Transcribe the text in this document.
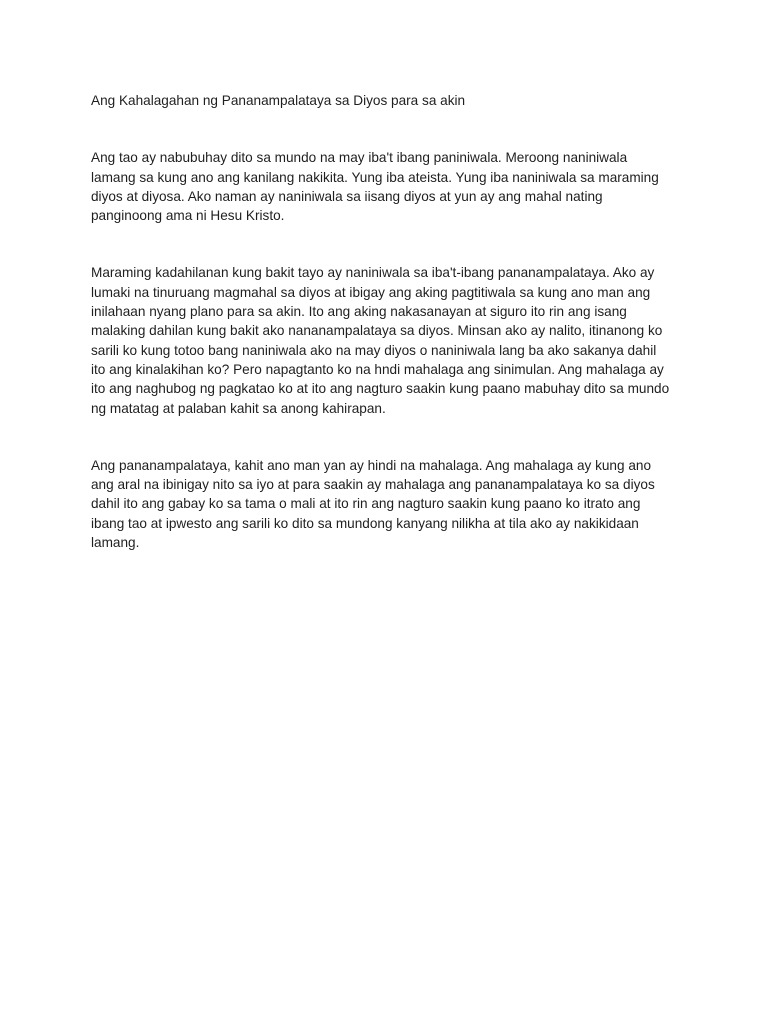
Ang Kahalagahan ng Pananampalataya sa Diyos para sa akin

Ang tao ay nabubuhay dito sa mundo na may iba't ibang paniniwala. Meroong naniniwala
lamang sa kung ano ang kanilang nakikita. Yung iba ateista. Yung iba naniniwala sa maraming
diyos at diyosa. Ako naman ay naniniwala sa iisang diyos at yun ay ang mahal nating
panginoong ama ni Hesu Kristo.

Maraming kadahilanan kung bakit tayo ay naniniwala sa iba't-ibang pananampalataya. Ako ay
lumaki na tinuruang magmahal sa diyos at ibigay ang aking pagtitiwala sa kung ano man ang
inilahaan nyang plano para sa akin. Ito ang aking nakasanayan at siguro ito rin ang isang
malaking dahilan kung bakit ako nananampalataya sa diyos. Minsan ako ay nalito, itinanong ko
sarili ko kung totoo bang naniniwala ako na may diyos o naniniwala lang ba ako sakanya dahil
ito ang kinalakihan ko? Pero napagtanto ko na hndi mahalaga ang sinimulan. Ang mahalaga ay
ito ang naghubog ng pagkatao ko at ito ang nagturo saakin kung paano mabuhay dito sa mundo
ng matatag at palaban kahit sa anong kahirapan.

Ang pananampalataya, kahit ano man yan ay hindi na mahalaga. Ang mahalaga ay kung ano
ang aral na ibinigay nito sa iyo at para saakin ay mahalaga ang pananampalataya ko sa diyos
dahil ito ang gabay ko sa tama o mali at ito rin ang nagturo saakin kung paano ko itrato ang
ibang tao at ipwesto ang sarili ko dito sa mundong kanyang nilikha at tila ako ay nakikidaan
lamang.
